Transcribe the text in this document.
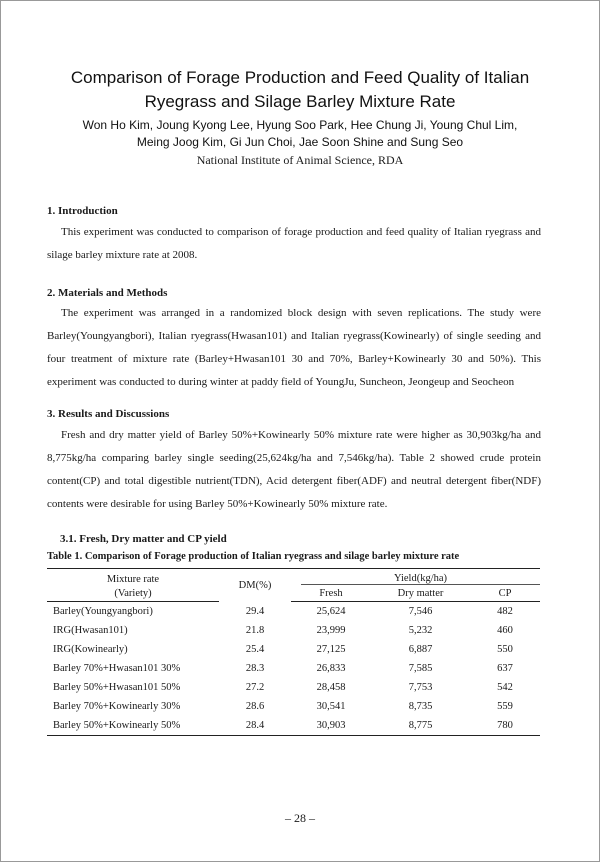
Comparison of Forage Production and Feed Quality of Italian
Ryegrass and Silage Barley Mixture Rate
Won Ho Kim, Joung Kyong Lee, Hyung Soo Park, Hee Chung Ji, Young Chul Lim,
Meing Joog Kim, Gi Jun Choi, Jae Soon Shine and Sung Seo
National Institute of Animal Science, RDA
1. Introduction

This experiment was conducted to comparison of forage production and feed quality of Italian ryegrass and silage barley mixture rate at 2008.

2. Materials and Methods

The experiment was arranged in a randomized block design with seven replications. The study were Barley(Youngyangbori), Italian ryegrass(Hwasan101) and Italian ryegrass(Kowinearly) of single seeding and four treatment of mixture rate (Barley+Hwasan101 30 and 70%, Barley+Kowinearly 30 and 50%). This experiment was conducted to during winter at paddy field of YoungJu, Suncheon, Jeongeup and Seocheon

3. Results and Discussions

Fresh and dry matter yield of Barley 50%+Kowinearly 50% mixture rate were higher as 30,903kg/ha and 8,775kg/ha comparing barley single seeding(25,624kg/ha and 7,546kg/ha). Table 2 showed crude protein content(CP) and total digestible nutrient(TDN), Acid detergent fiber(ADF) and neutral detergent fiber(NDF) contents were desirable for using Barley 50%+Kowinearly 50% mixture rate.

3.1. Fresh, Dry matter and CP yield
Table 1. Comparison of Forage production of Italian ryegrass and silage barley mixture rate
Mixture rate	DM(%)	Yield(kg/ha)		

(Variety)		Fresh	Dry matter	CP
Barley(Youngyangbori)	29.4	25,624	7,546	482
IRG(Hwasan101)	21.8	23,999	5,232	460
IRG(Kowinearly)	25.4	27,125	6,887	550
Barley 70%+Hwasan101 30%	28.3	26,833	7,585	637
Barley 50%+Hwasan101 50%	27.2	28,458	7,753	542
Barley 70%+Kowinearly 30%	28.6	30,541	8,735	559
Barley 50%+Kowinearly 50%	28.4	30,903	8,775	780
– 28 –
